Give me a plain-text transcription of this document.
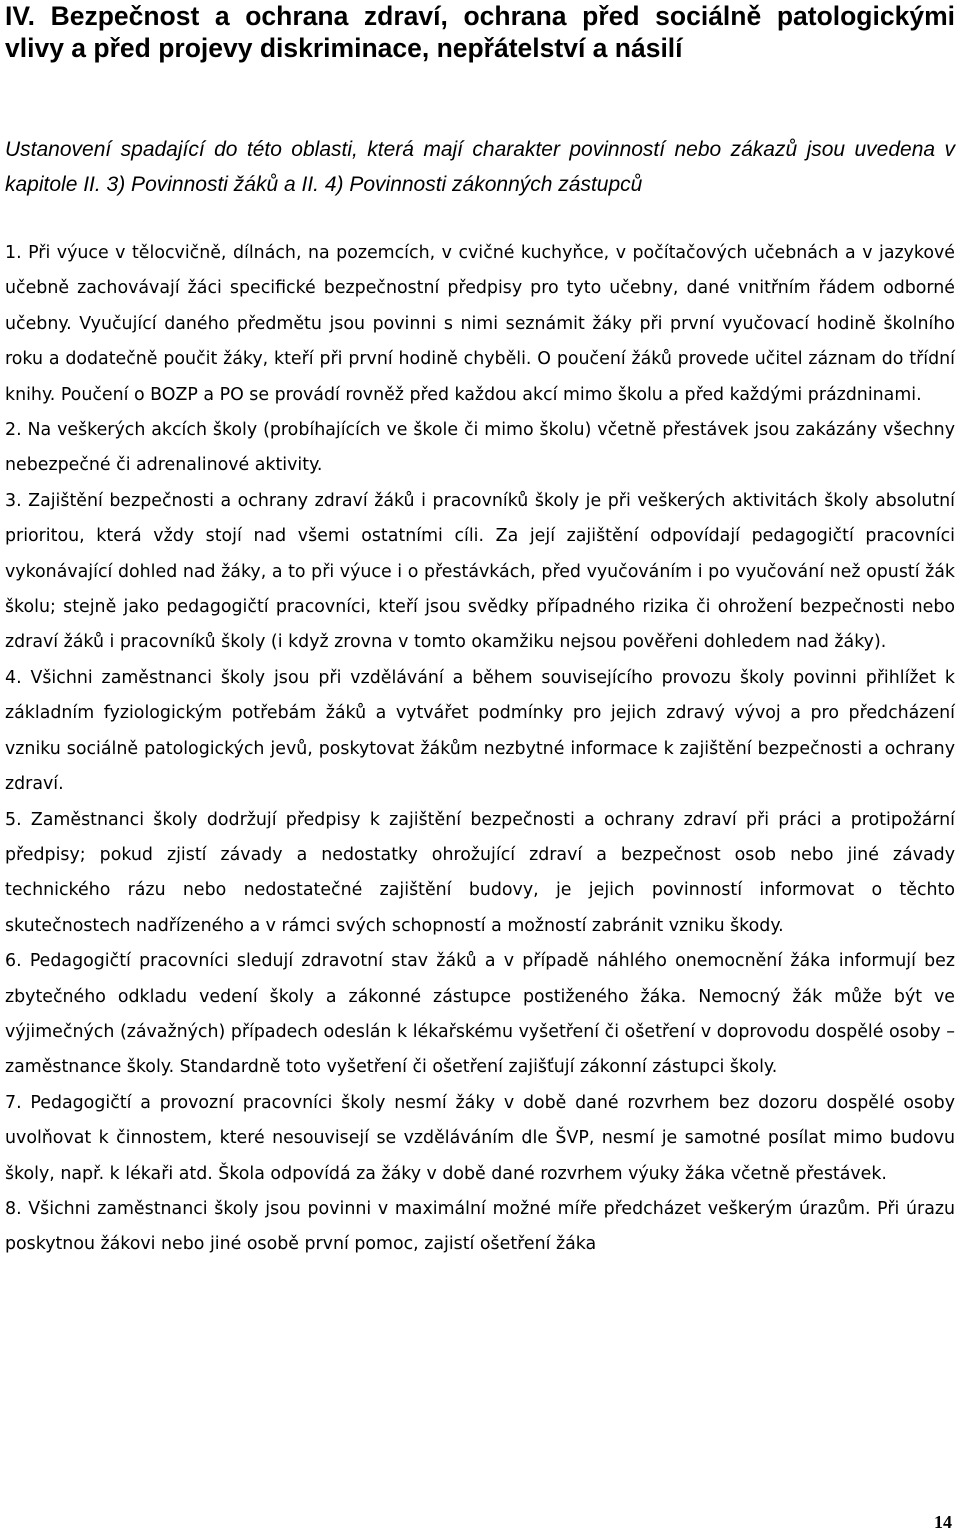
IV. Bezpečnost a ochrana zdraví, ochrana před sociálně patologickými vlivy a před projevy diskriminace, nepřátelství a násilí

Ustanovení spadající do této oblasti, která mají charakter povinností nebo zákazů jsou uvedena v kapitole II. 3) Povinnosti žáků a II. 4) Povinnosti zákonných zástupců

1. Při výuce v tělocvičně, dílnách, na pozemcích, v cvičné kuchyňce, v počítačových učebnách a v jazykové učebně zachovávají žáci specifické bezpečnostní předpisy pro tyto učebny, dané vnitřním řádem odborné učebny. Vyučující daného předmětu jsou povinni s nimi seznámit žáky při první vyučovací hodině školního roku a dodatečně poučit žáky, kteří při první hodině chyběli. O poučení žáků provede učitel záznam do třídní knihy. Poučení o BOZP a PO se provádí rovněž před každou akcí mimo školu a před každými prázdninami.

2. Na veškerých akcích školy (probíhajících ve škole či mimo školu) včetně přestávek jsou zakázány všechny nebezpečné či adrenalinové aktivity.

3. Zajištění bezpečnosti a ochrany zdraví žáků i pracovníků školy je při veškerých aktivitách školy absolutní prioritou, která vždy stojí nad všemi ostatními cíli. Za její zajištění odpovídají pedagogičtí pracovníci vykonávající dohled nad žáky, a to při výuce i o přestávkách, před vyučováním i po vyučování než opustí žák školu; stejně jako pedagogičtí pracovníci, kteří jsou svědky případného rizika či ohrožení bezpečnosti nebo zdraví žáků i pracovníků školy (i když zrovna v tomto okamžiku nejsou pověřeni dohledem nad žáky).

4. Všichni zaměstnanci školy jsou při vzdělávání a během souvisejícího provozu školy povinni přihlížet k základním fyziologickým potřebám žáků a vytvářet podmínky pro jejich zdravý vývoj a pro předcházení vzniku sociálně patologických jevů, poskytovat žákům nezbytné informace k zajištění bezpečnosti a ochrany zdraví.

5. Zaměstnanci školy dodržují předpisy k zajištění bezpečnosti a ochrany zdraví při práci a protipožární předpisy; pokud zjistí závady a nedostatky ohrožující zdraví a bezpečnost osob nebo jiné závady technického rázu nebo nedostatečné zajištění budovy, je jejich povinností informovat o těchto skutečnostech nadřízeného a v rámci svých schopností a možností zabránit vzniku škody.

6. Pedagogičtí pracovníci sledují zdravotní stav žáků a v případě náhlého onemocnění žáka informují bez zbytečného odkladu vedení školy a zákonné zástupce postiženého žáka. Nemocný žák může být ve výjimečných (závažných) případech odeslán k lékařskému vyšetření či ošetření v doprovodu dospělé osoby – zaměstnance školy. Standardně toto vyšetření či ošetření zajišťují zákonní zástupci školy.

7. Pedagogičtí a provozní pracovníci školy nesmí žáky v době dané rozvrhem bez dozoru dospělé osoby uvolňovat k činnostem, které nesouvisejí se vzděláváním dle ŠVP, nesmí je samotné posílat mimo budovu školy, např. k lékaři atd. Škola odpovídá za žáky v době dané rozvrhem výuky žáka včetně přestávek.

8. Všichni zaměstnanci školy jsou povinni v maximální možné míře předcházet veškerým úrazům. Při úrazu poskytnou žákovi nebo jiné osobě první pomoc, zajistí ošetření žáka

14
